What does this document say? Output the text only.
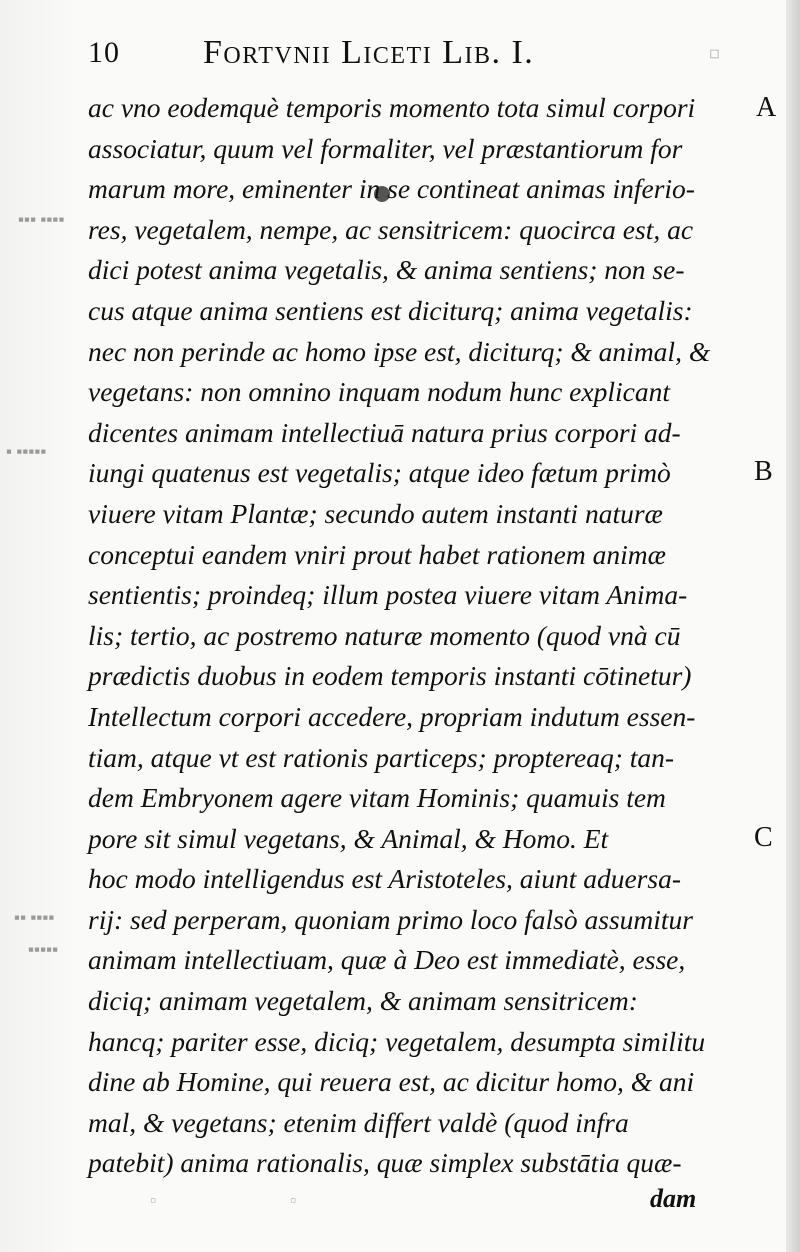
▪▪▪▪ ▪▪▪
▪▪▪▪▪ ▪
▪▪▪▪ ▪▪
▪▪▪▪▪
10 Fortvnii Liceti Lib. I.	▫
ac vno eodemquè temporis momento tota simul corpori
associatur, quum vel formaliter, vel præstantiorum for
marum more, eminenter in se contineat animas inferio-
res, vegetalem, nempe, ac sensitricem: quocirca est, ac
dici potest anima vegetalis, & anima sentiens; non se-
cus atque anima sentiens est diciturq; anima vegetalis:
nec non perinde ac homo ipse est, diciturq; & animal, &
vegetans: non omnino inquam nodum hunc explicant
dicentes animam intellectiuā natura prius corpori ad-
iungi quatenus est vegetalis; atque ideo fætum primò
viuere vitam Plantæ; secundo autem instanti naturæ
conceptui eandem vniri prout habet rationem animæ
sentientis; proindeq; illum postea viuere vitam Anima-
lis; tertio, ac postremo naturæ momento (quod vnà cū
prædictis duobus in eodem temporis instanti cōtinetur)
Intellectum corpori accedere, propriam indutum essen-
tiam, atque vt est rationis particeps; proptereaq; tan-
dem Embryonem agere vitam Hominis; quamuis tem
pore sit simul vegetans, & Animal, & Homo. Et
hoc modo intelligendus est Aristoteles, aiunt aduersa-
rij: sed perperam, quoniam primo loco falsò assumitur
animam intellectiuam, quæ à Deo est immediatè, esse,
diciq; animam vegetalem, & animam sensitricem:
hancq; pariter esse, diciq; vegetalem, desumpta similitu
dine ab Homine, qui reuera est, ac dicitur homo, & ani
mal, & vegetans; etenim differt valdè (quod infra
patebit) anima rationalis, quæ simplex substātia quæ-
A
B
C
▫	▫	dam
